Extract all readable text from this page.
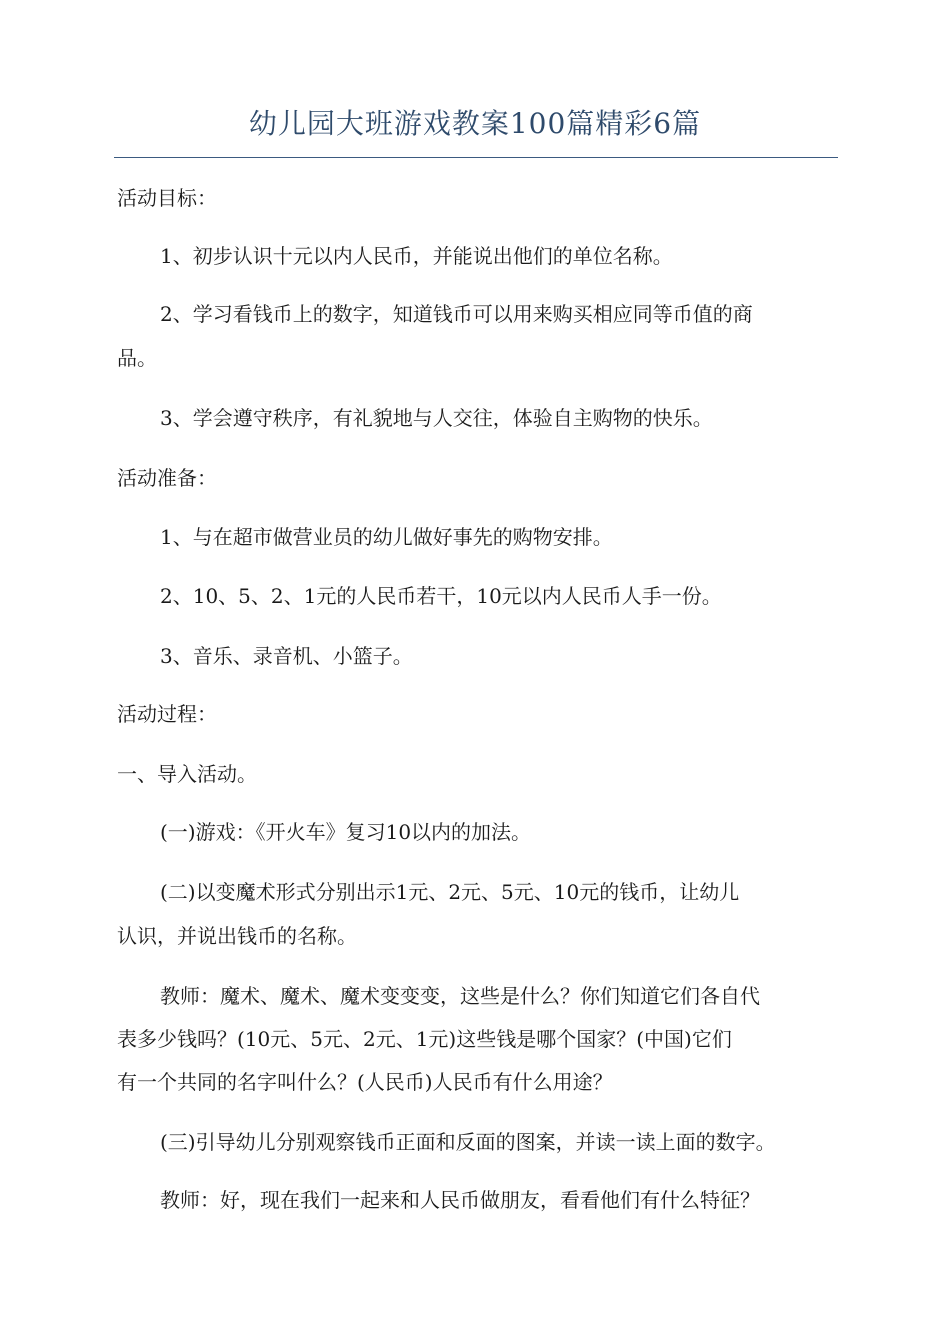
幼儿园大班游戏教案100篇精彩6篇
活动目标：
1、初步认识十元以内人民币，并能说出他们的单位名称。
2、学习看钱币上的数字，知道钱币可以用来购买相应同等币值的商
品。
3、学会遵守秩序，有礼貌地与人交往，体验自主购物的快乐。
活动准备：
1、与在超市做营业员的幼儿做好事先的购物安排。
2、10、5、2、1元的人民币若干，10元以内人民币人手一份。
3、音乐、录音机、小篮子。
活动过程：
一、导入活动。
(一)游戏：《开火车》复习10以内的加法。
(二)以变魔术形式分别出示1元、2元、5元、10元的钱币，让幼儿
认识，并说出钱币的名称。
教师：魔术、魔术、魔术变变变，这些是什么？你们知道它们各自代
表多少钱吗？(10元、5元、2元、1元)这些钱是哪个国家？(中国)它们
有一个共同的名字叫什么？(人民币)人民币有什么用途？
(三)引导幼儿分别观察钱币正面和反面的图案，并读一读上面的数字。
教师：好，现在我们一起来和人民币做朋友，看看他们有什么特征？
